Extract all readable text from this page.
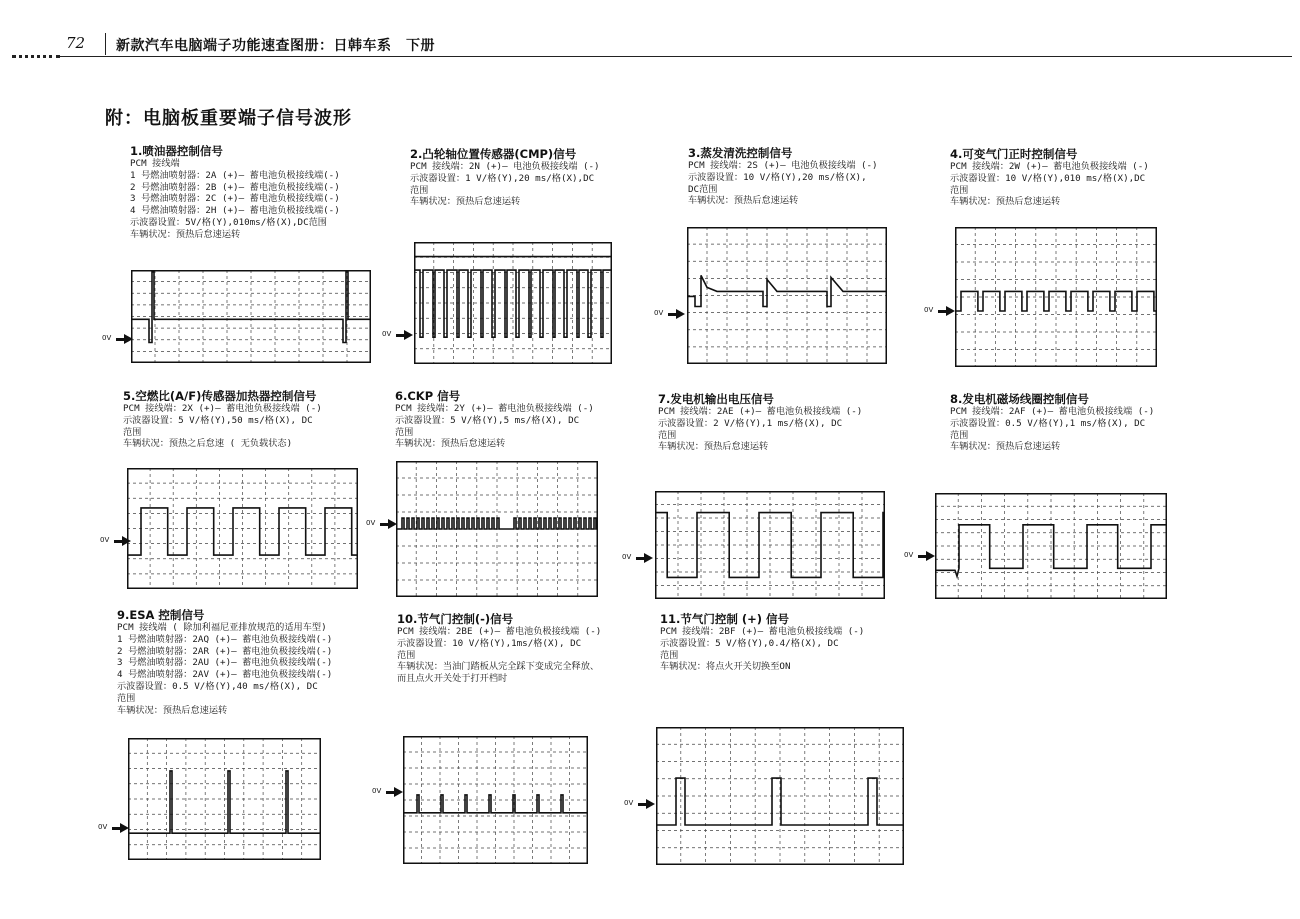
72 新款汽车电脑端子功能速查图册：日韩车系　下册
附：电脑板重要端子信号波形
1.喷油器控制信号
PCM 接线端
1 号燃油喷射器：2A (+)— 蓄电池负极接线端(-)
2 号燃油喷射器：2B (+)— 蓄电池负极接线端(-)
3 号燃油喷射器：2C (+)— 蓄电池负极接线端(-)
4 号燃油喷射器：2H (+)— 蓄电池负极接线端(-)
示波器设置：5V/格(Y),010ms/格(X),DC范围
车辆状况：预热后怠速运转
2.凸轮轴位置传感器(CMP)信号
PCM 接线端：2N (+)— 电池负极接线端 (-)
示波器设置：1 V/格(Y),20 ms/格(X),DC
范围
车辆状况：预热后怠速运转
3.蒸发清洗控制信号
PCM 接线端：2S (+)— 电池负极接线端 (-)
示波器设置：10 V/格(Y),20 ms/格(X),
DC范围
车辆状况：预热后怠速运转
4.可变气门正时控制信号
PCM 接线端：2W (+)— 蓄电池负极接线端 (-)
示波器设置：10 V/格(Y),010 ms/格(X),DC
范围
车辆状况：预热后怠速运转
5.空燃比(A/F)传感器加热器控制信号
PCM 接线端：2X (+)— 蓄电池负极接线端 (-)
示波器设置：5 V/格(Y),50 ms/格(X), DC
范围
车辆状况：预热之后怠速 ( 无负载状态)
6.CKP 信号
PCM 接线端：2Y (+)— 蓄电池负极接线端 (-)
示波器设置：5 V/格(Y),5 ms/格(X), DC
范围
车辆状况：预热后怠速运转
7.发电机输出电压信号
PCM 接线端：2AE (+)— 蓄电池负极接线端 (-)
示波器设置：2 V/格(Y),1 ms/格(X), DC
范围
车辆状况：预热后怠速运转
8.发电机磁场线圈控制信号
PCM 接线端：2AF (+)— 蓄电池负极接线端 (-)
示波器设置：0.5 V/格(Y),1 ms/格(X), DC
范围
车辆状况：预热后怠速运转
9.ESA 控制信号
PCM 接线端 ( 除加利福尼亚排放规范的适用车型)
1 号燃油喷射器：2AQ (+)— 蓄电池负极接线端(-)
2 号燃油喷射器：2AR (+)— 蓄电池负极接线端(-)
3 号燃油喷射器：2AU (+)— 蓄电池负极接线端(-)
4 号燃油喷射器：2AV (+)— 蓄电池负极接线端(-)
示波器设置：0.5 V/格(Y),40 ms/格(X), DC
范围
车辆状况：预热后怠速运转
10.节气门控制(-)信号
PCM 接线端：2BE (+)— 蓄电池负极接线端 (-)
示波器设置：10 V/格(Y),1ms/格(X), DC
范围
车辆状况：当油门踏板从完全踩下变成完全释放、
而且点火开关处于打开档时
11.节气门控制 (+) 信号
PCM 接线端：2BF (+)— 蓄电池负极接线端 (-)
示波器设置：5 V/格(Y),0.4/格(X), DC
范围
车辆状况：将点火开关切换至ON
0V	0V
0V	0V
0V
0V
0V	0V
0V
0V
0V
